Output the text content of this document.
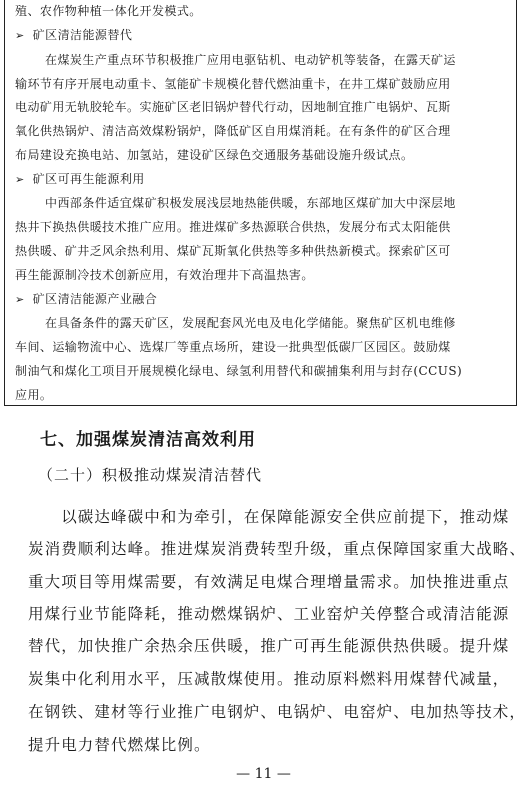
殖、农作物种植一体化开发模式。
➢ 矿区清洁能源替代
在煤炭生产重点环节积极推广应用电驱钻机、电动铲机等装备，在露天矿运
输环节有序开展电动重卡、氢能矿卡规模化替代燃油重卡，在井工煤矿鼓励应用
电动矿用无轨胶轮车。实施矿区老旧锅炉替代行动，因地制宜推广电锅炉、瓦斯
氧化供热锅炉、清洁高效煤粉锅炉，降低矿区自用煤消耗。在有条件的矿区合理
布局建设充换电站、加氢站，建设矿区绿色交通服务基础设施升级试点。
➢ 矿区可再生能源利用
中西部条件适宜煤矿积极发展浅层地热能供暖，东部地区煤矿加大中深层地
热井下换热供暖技术推广应用。推进煤矿多热源联合供热，发展分布式太阳能供
热供暖、矿井乏风余热利用、煤矿瓦斯氧化供热等多种供热新模式。探索矿区可
再生能源制冷技术创新应用，有效治理井下高温热害。
➢ 矿区清洁能源产业融合
在具备条件的露天矿区，发展配套风光电及电化学储能。聚焦矿区机电维修
车间、运输物流中心、选煤厂等重点场所，建设一批典型低碳厂区园区。鼓励煤
制油气和煤化工项目开展规模化绿电、绿氢利用替代和碳捕集利用与封存(CCUS)
应用。
七、加强煤炭清洁高效利用
（二十）积极推动煤炭清洁替代
　　以碳达峰碳中和为牵引，在保障能源安全供应前提下，推动煤
炭消费顺利达峰。推进煤炭消费转型升级，重点保障国家重大战略、
重大项目等用煤需要，有效满足电煤合理增量需求。加快推进重点
用煤行业节能降耗，推动燃煤锅炉、工业窑炉关停整合或清洁能源
替代，加快推广余热余压供暖，推广可再生能源供热供暖。提升煤
炭集中化利用水平，压减散煤使用。推动原料燃料用煤替代减量，
在钢铁、建材等行业推广电钢炉、电锅炉、电窑炉、电加热等技术，
提升电力替代燃煤比例。
— 11 —
